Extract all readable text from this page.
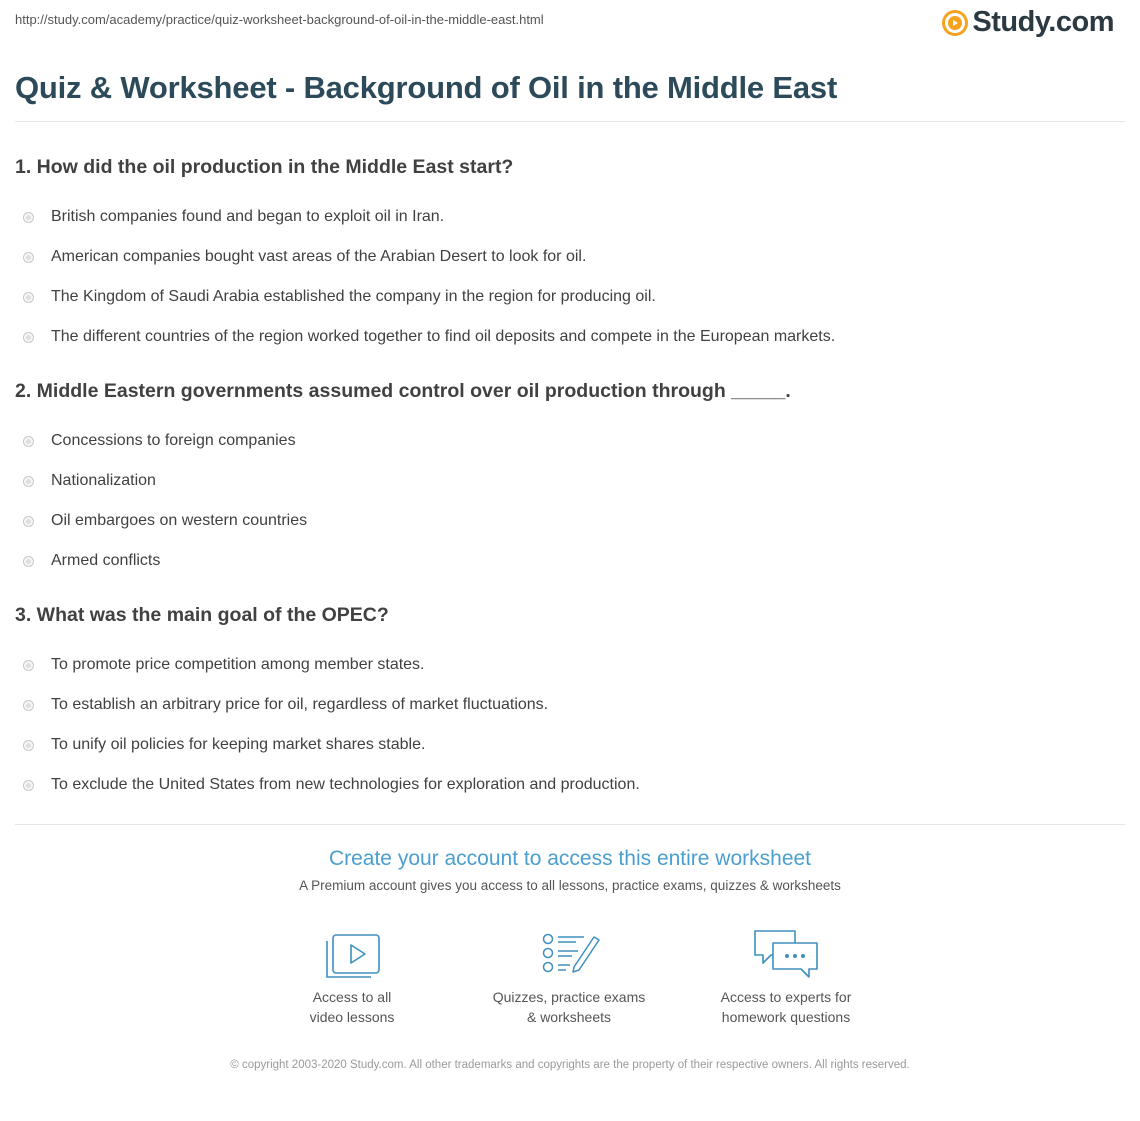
http://study.com/academy/practice/quiz-worksheet-background-of-oil-in-the-middle-east.html	Study.com
Quiz & Worksheet - Background of Oil in the Middle East
1. How did the oil production in the Middle East start?
British companies found and began to exploit oil in Iran.
American companies bought vast areas of the Arabian Desert to look for oil.
The Kingdom of Saudi Arabia established the company in the region for producing oil.
The different countries of the region worked together to find oil deposits and compete in the European markets.
2. Middle Eastern governments assumed control over oil production through _____.
Concessions to foreign companies
Nationalization
Oil embargoes on western countries
Armed conflicts
3. What was the main goal of the OPEC?
To promote price competition among member states.
To establish an arbitrary price for oil, regardless of market fluctuations.
To unify oil policies for keeping market shares stable.
To exclude the United States from new technologies for exploration and production.
Create your account to access this entire worksheet
A Premium account gives you access to all lessons, practice exams, quizzes & worksheets
Access to all
video lessons
Quizzes, practice exams
& worksheets
Access to experts for
homework questions
© copyright 2003-2020 Study.com. All other trademarks and copyrights are the property of their respective owners. All rights reserved.
